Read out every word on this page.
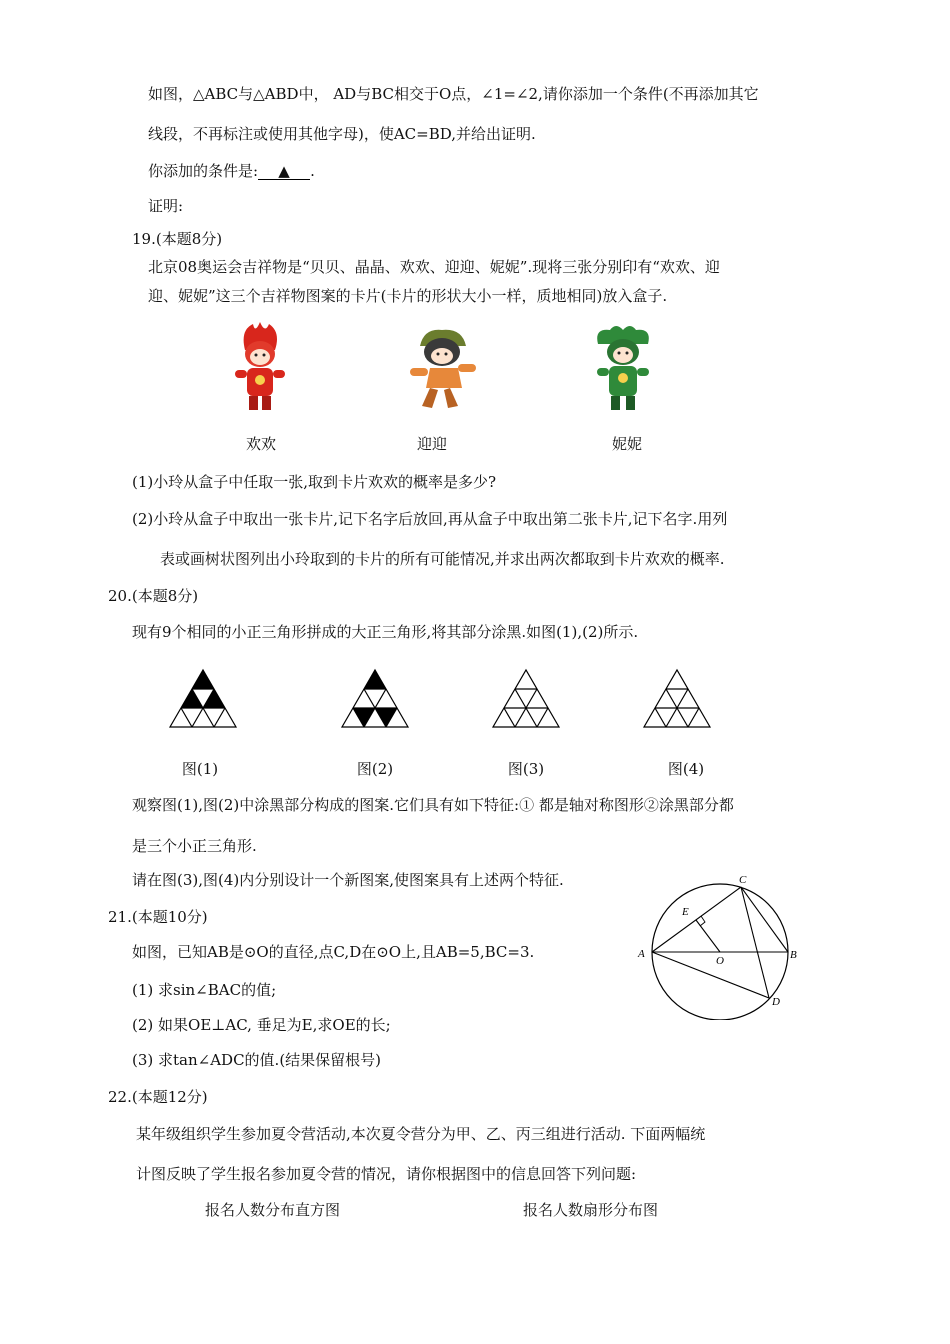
如图，△ABC与△ABD中， AD与BC相交于O点，∠1=∠2,请你添加一个条件(不再添加其它
线段，不再标注或使用其他字母)，使AC=BD,并给出证明.
你添加的条件是: ▲ .
证明:
19.(本题8分)
北京08奥运会吉祥物是“贝贝、晶晶、欢欢、迎迎、妮妮”.现将三张分别印有“欢欢、迎
迎、妮妮”这三个吉祥物图案的卡片(卡片的形状大小一样，质地相同)放入盒子.
欢欢	迎迎	妮妮
(1)小玲从盒子中任取一张,取到卡片欢欢的概率是多少?
(2)小玲从盒子中取出一张卡片,记下名字后放回,再从盒子中取出第二张卡片,记下名字.用列
表或画树状图列出小玲取到的卡片的所有可能情况,并求出两次都取到卡片欢欢的概率.
20.(本题8分)
现有9个相同的小正三角形拼成的大正三角形,将其部分涂黑.如图(1),(2)所示.
图(1)	图(2)	图(3)	图(4)
观察图(1),图(2)中涂黑部分构成的图案.它们具有如下特征:① 都是轴对称图形②涂黑部分都
是三个小正三角形.
请在图(3),图(4)内分别设计一个新图案,使图案具有上述两个特征.
21.(本题10分)
如图，已知AB是⊙O的直径,点C,D在⊙O上,且AB=5,BC=3.
(1) 求sin∠BAC的值;
(2) 如果OE⊥AC, 垂足为E,求OE的长;
(3) 求tan∠ADC的值.(结果保留根号)
A	B
C
D
E
O
22.(本题12分)
某年级组织学生参加夏令营活动,本次夏令营分为甲、乙、丙三组进行活动. 下面两幅统
计图反映了学生报名参加夏令营的情况，请你根据图中的信息回答下列问题:
报名人数分布直方图	报名人数扇形分布图
